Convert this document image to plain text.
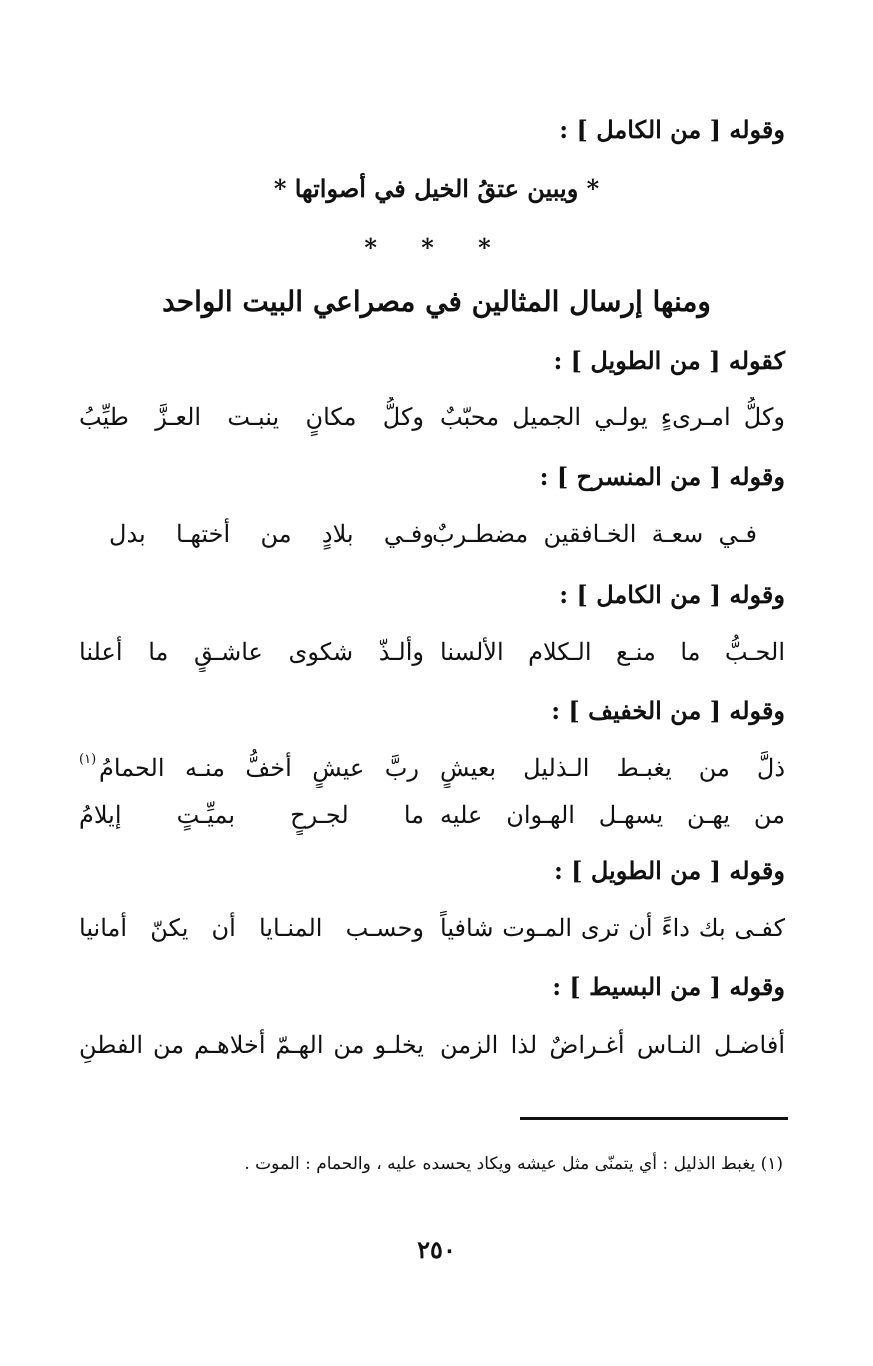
وقوله [ من الكامل ] :
* ويبين عتقُ الخيل في أصواتها *
* * *
ومنها إرسال المثالين في مصراعي البيت الواحد
كقوله [ من الطويل ] :
وكلُّ امـرىءٍ يولـي الجميل محبّبٌ
وكلُّ مكانٍ ينبـت العـزَّ طيِّبُ
وقوله [ من المنسرح ] :
فـي سعـة الخـافقين مضطـربٌ
وفـي بلادٍ من أختهـا بدل
وقوله [ من الكامل ] :
الحـبُّ ما منـع الـكلام الألسنا
وألـذّ شكوى عاشـقٍ ما أعلنا
وقوله [ من الخفيف ] :
ذلَّ من يغبـط الـذليل بعيشٍ
ربَّ عيشٍ أخفُّ منـه الحمامُ
(١)
من يهـن يسهـل الهـوان عليه
ما لجـرحٍ بميِّـتٍ إيلامُ
وقوله [ من الطويل ] :
كفـى بك داءً أن ترى المـوت شافياً
وحسـب المنـايا أن يكنّ أمانيا
وقوله [ من البسيط ] :
أفاضـل النـاس أغـراضٌ لذا الزمن
يخلـو من الهـمّ أخلاهـم من الفطنِ
(١) يغبط الذليل : أي يتمنّى مثل عيشه ويكاد يحسده عليه ، والحمام : الموت .
٢٥٠
